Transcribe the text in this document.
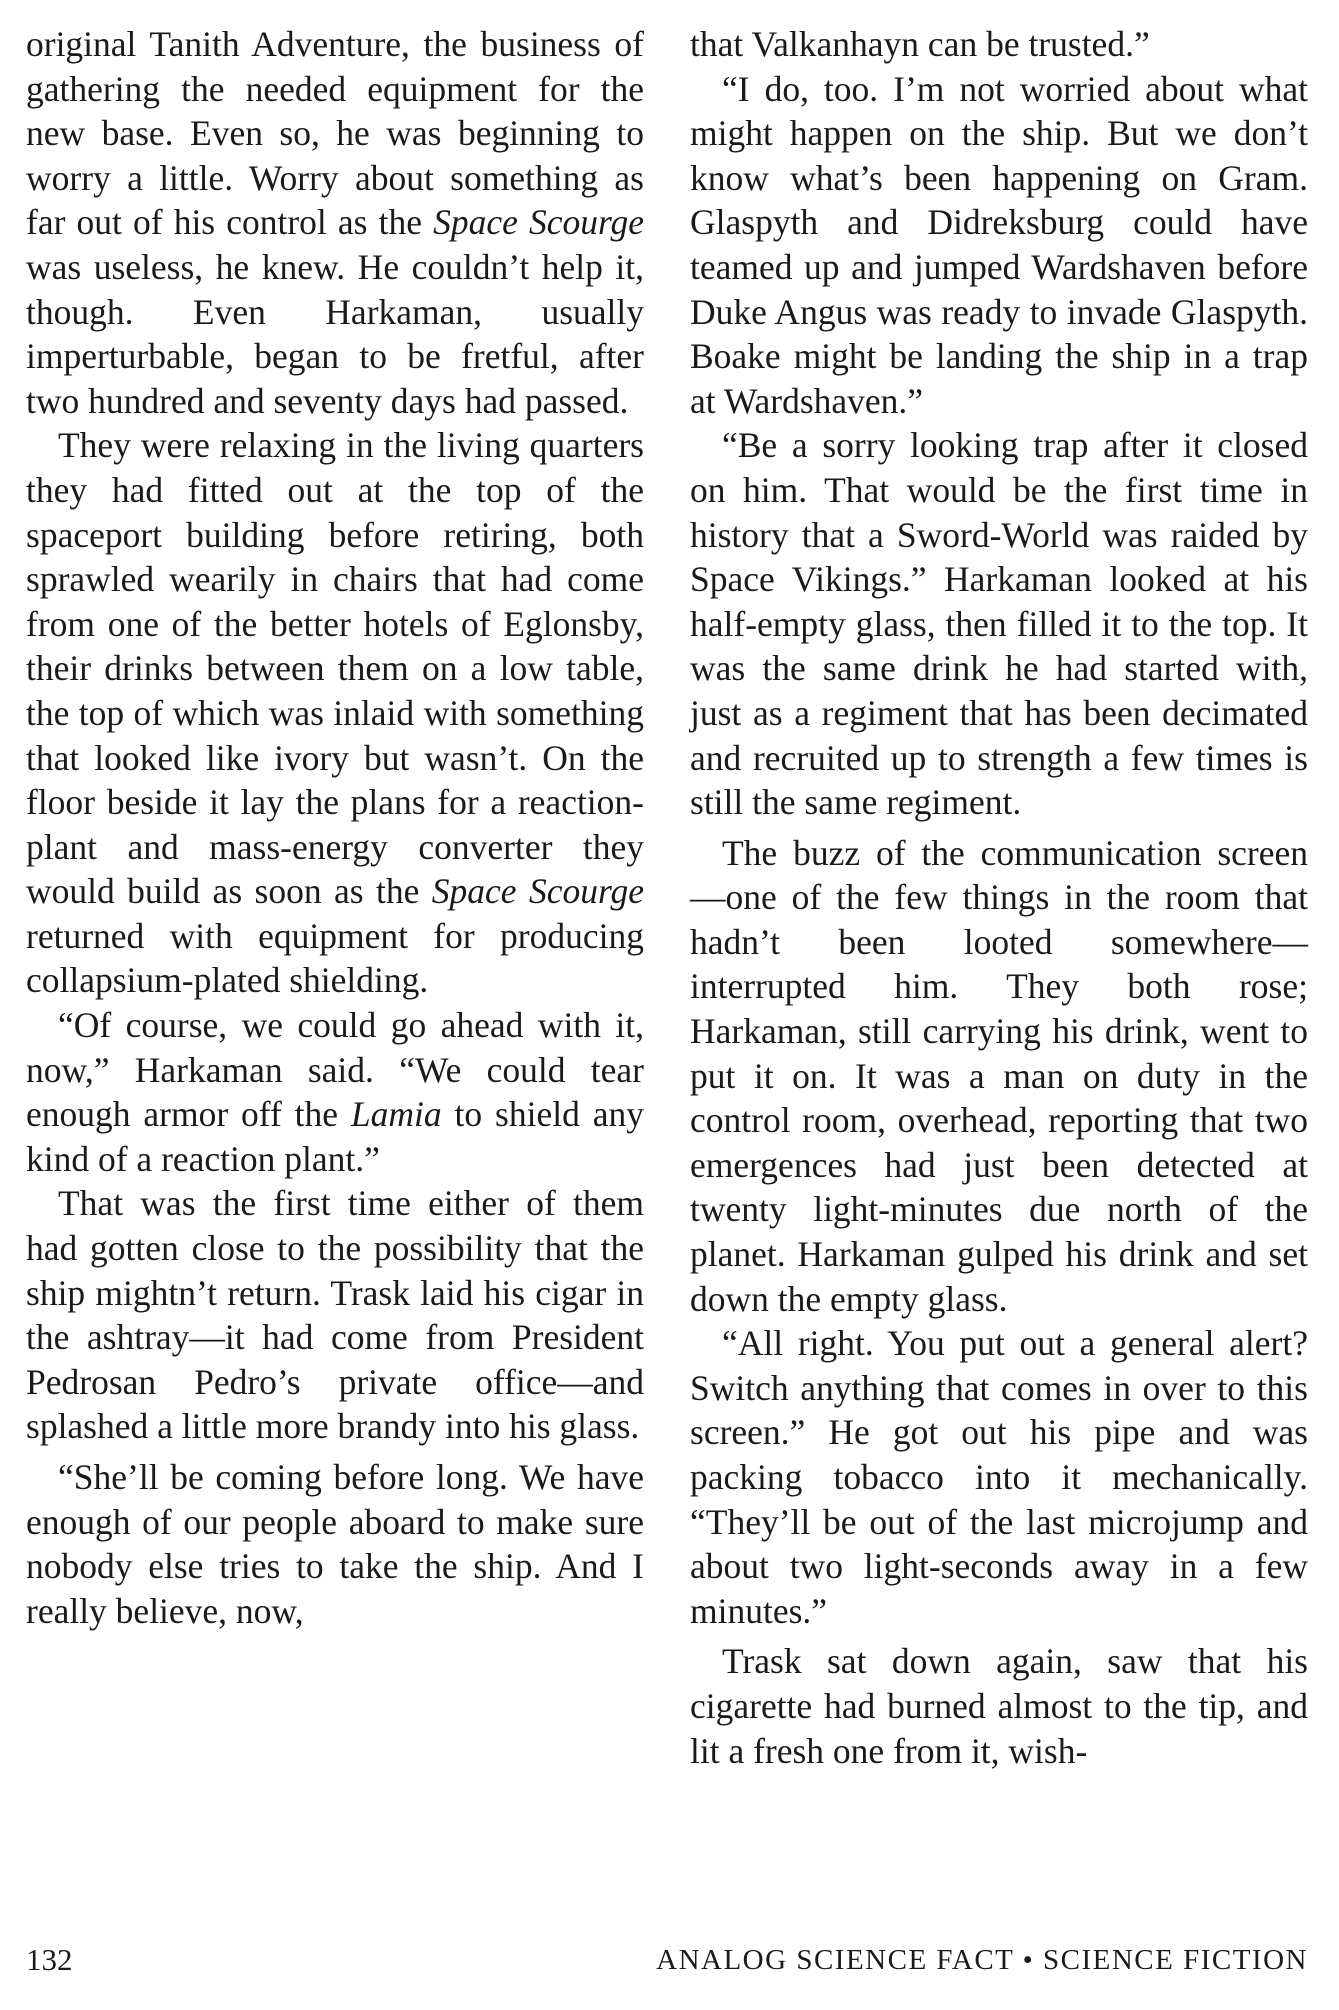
original Tanith Adventure, the business of gathering the needed equipment for the new base. Even so, he was beginning to worry a little. Worry about something as far out of his control as the Space Scourge was useless, he knew. He couldn’t help it, though. Even Harkaman, usually imperturbable, began to be fretful, after two hundred and seventy days had passed.

They were relaxing in the living quarters they had fitted out at the top of the spaceport building before retiring, both sprawled wearily in chairs that had come from one of the better hotels of Eglonsby, their drinks between them on a low table, the top of which was inlaid with something that looked like ivory but wasn’t. On the floor beside it lay the plans for a reaction-plant and mass-energy converter they would build as soon as the Space Scourge returned with equipment for producing collapsium-plated shielding.

“Of course, we could go ahead with it, now,” Harkaman said. “We could tear enough armor off the Lamia to shield any kind of a reaction plant.”

That was the first time either of them had gotten close to the possibility that the ship mightn’t return. Trask laid his cigar in the ashtray—it had come from President Pedrosan Pedro’s private office—and splashed a little more brandy into his glass.

“She’ll be coming before long. We have enough of our people aboard to make sure nobody else tries to take the ship. And I really believe, now,

that Valkanhayn can be trusted.”

“I do, too. I’m not worried about what might happen on the ship. But we don’t know what’s been happening on Gram. Glaspyth and Didreksburg could have teamed up and jumped Wardshaven before Duke Angus was ready to invade Glaspyth. Boake might be landing the ship in a trap at Wardshaven.”

“Be a sorry looking trap after it closed on him. That would be the first time in history that a Sword-World was raided by Space Vikings.” Harkaman looked at his half-empty glass, then filled it to the top. It was the same drink he had started with, just as a regiment that has been decimated and recruited up to strength a few times is still the same regiment.

The buzz of the communication screen—one of the few things in the room that hadn’t been looted somewhere—interrupted him. They both rose; Harkaman, still carrying his drink, went to put it on. It was a man on duty in the control room, overhead, reporting that two emergences had just been detected at twenty light-minutes due north of the planet. Harkaman gulped his drink and set down the empty glass.

“All right. You put out a general alert? Switch anything that comes in over to this screen.” He got out his pipe and was packing tobacco into it mechanically. “They’ll be out of the last microjump and about two light-seconds away in a few minutes.”

Trask sat down again, saw that his cigarette had burned almost to the tip, and lit a fresh one from it, wish-

132	ANALOG SCIENCE FACT • SCIENCE FICTION
